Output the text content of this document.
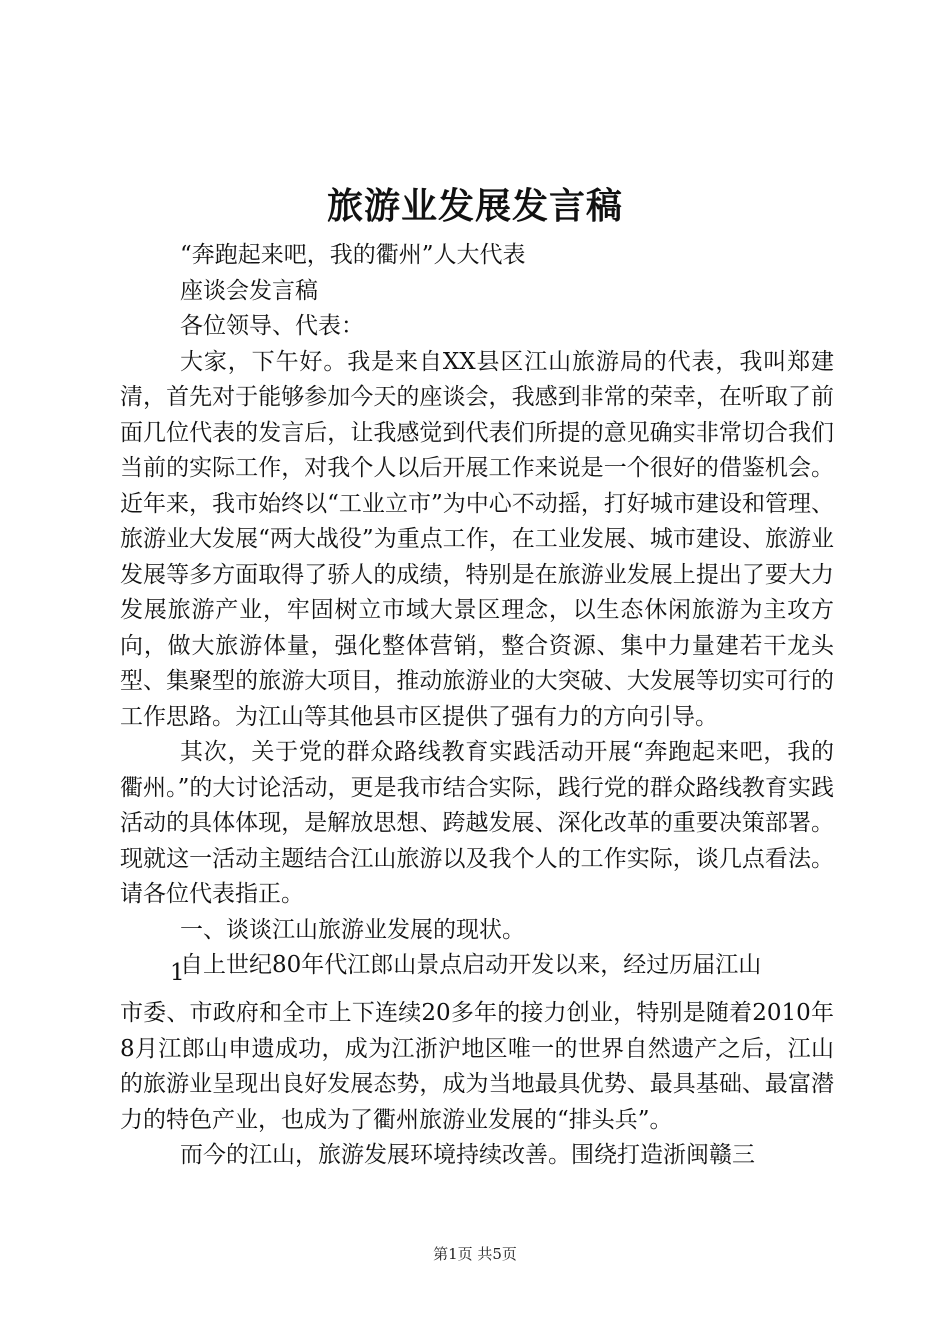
旅游业发展发言稿

“奔跑起来吧，我的衢州”人大代表

座谈会发言稿

各位领导、代表：

大家，下午好。我是来自XX县区江山旅游局的代表，我叫郑建清，首先对于能够参加今天的座谈会，我感到非常的荣幸，在听取了前面几位代表的发言后，让我感觉到代表们所提的意见确实非常切合我们当前的实际工作，对我个人以后开展工作来说是一个很好的借鉴机会。近年来，我市始终以“工业立市”为中心不动摇，打好城市建设和管理、旅游业大发展“两大战役”为重点工作，在工业发展、城市建设、旅游业发展等多方面取得了骄人的成绩，特别是在旅游业发展上提出了要大力发展旅游产业，牢固树立市域大景区理念，以生态休闲旅游为主攻方向，做大旅游体量，强化整体营销，整合资源、集中力量建若干龙头型、集聚型的旅游大项目，推动旅游业的大突破、大发展等切实可行的工作思路。为江山等其他县市区提供了强有力的方向引导。

其次，关于党的群众路线教育实践活动开展“奔跑起来吧，我的衢州。”的大讨论活动，更是我市结合实际，践行党的群众路线教育实践活动的具体体现，是解放思想、跨越发展、深化改革的重要决策部署。现就这一活动主题结合江山旅游以及我个人的工作实际，谈几点看法。请各位代表指正。

一、谈谈江山旅游业发展的现状。

自上世纪80年代江郎山景点启动开发以来，经过历届江山

1

市委、市政府和全市上下连续20多年的接力创业，特别是随着2010年8月江郎山申遗成功，成为江浙沪地区唯一的世界自然遗产之后，江山的旅游业呈现出良好发展态势，成为当地最具优势、最具基础、最富潜力的特色产业，也成为了衢州旅游业发展的“排头兵”。

而今的江山，旅游发展环境持续改善。围绕打造浙闽赣三

第1页 共5页
